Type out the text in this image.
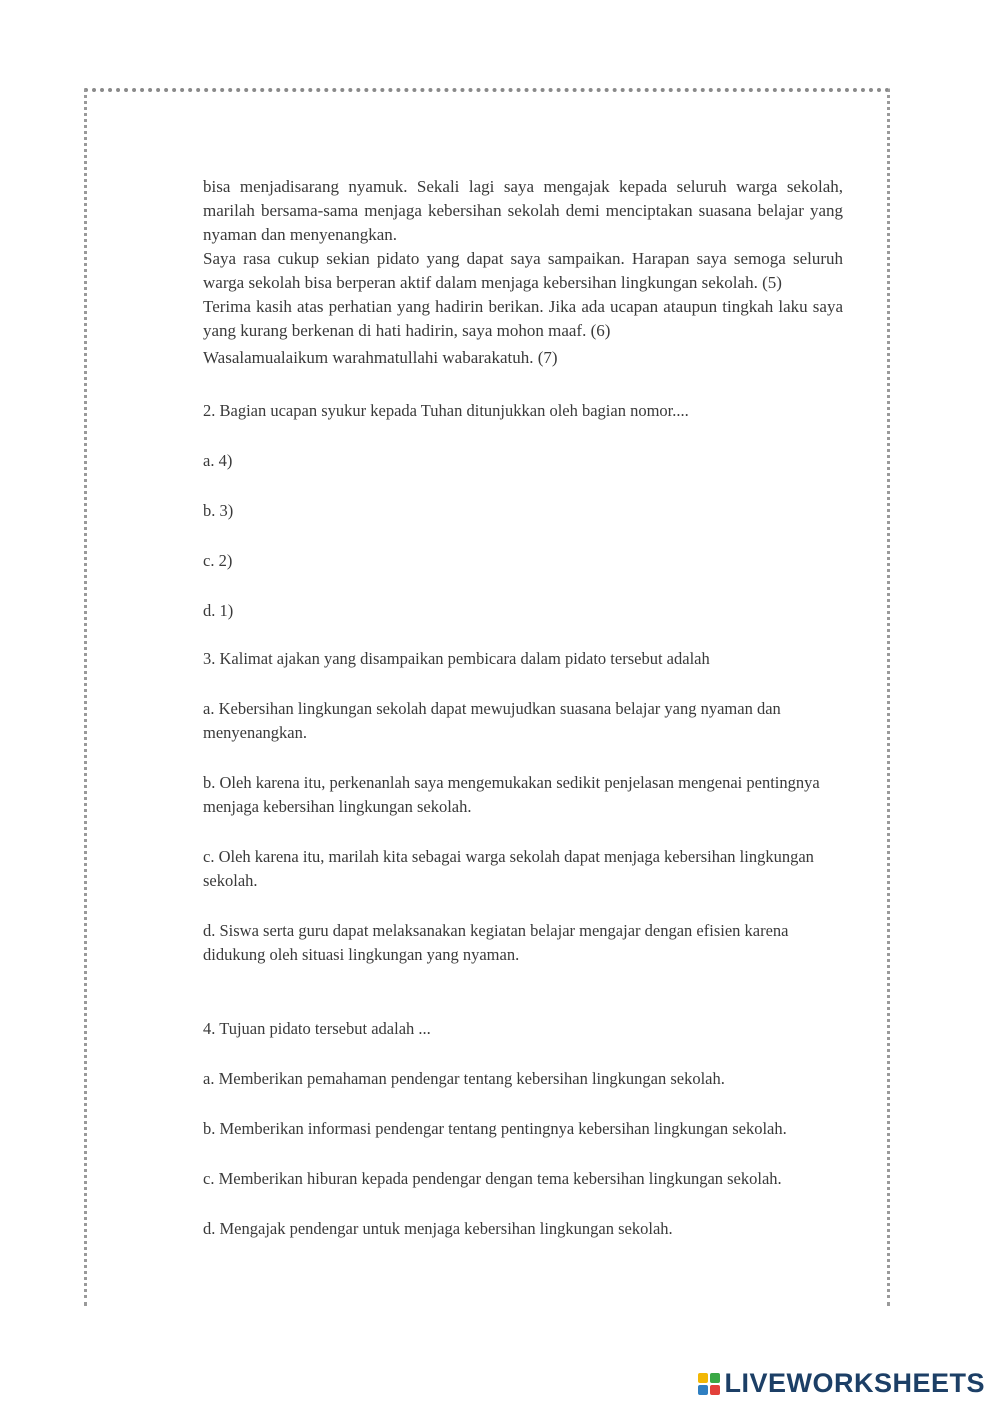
bisa menjadisarang nyamuk. Sekali lagi saya mengajak kepada seluruh warga sekolah, marilah bersama-sama menjaga kebersihan sekolah demi menciptakan suasana belajar yang nyaman dan menyenangkan.

Saya rasa cukup sekian pidato yang dapat saya sampaikan. Harapan saya semoga seluruh warga sekolah bisa berperan aktif dalam menjaga kebersihan lingkungan sekolah. (5)

Terima kasih atas perhatian yang hadirin berikan. Jika ada ucapan ataupun tingkah laku saya yang kurang berkenan di hati hadirin, saya mohon maaf. (6)

Wasalamualaikum warahmatullahi wabarakatuh. (7)

2. Bagian ucapan syukur kepada Tuhan ditunjukkan oleh bagian nomor....

a. 4)

b. 3)

c. 2)

d. 1)

3. Kalimat ajakan yang disampaikan pembicara dalam pidato tersebut adalah

a. Kebersihan lingkungan sekolah dapat mewujudkan suasana belajar yang nyaman dan menyenangkan.

b. Oleh karena itu, perkenanlah saya mengemukakan sedikit penjelasan mengenai pentingnya menjaga kebersihan lingkungan sekolah.

c. Oleh karena itu, marilah kita sebagai warga sekolah dapat menjaga kebersihan lingkungan sekolah.

d. Siswa serta guru dapat melaksanakan kegiatan belajar mengajar dengan efisien karena didukung oleh situasi lingkungan yang nyaman.

4. Tujuan pidato tersebut adalah ...

a. Memberikan pemahaman pendengar tentang kebersihan lingkungan sekolah.

b. Memberikan informasi pendengar tentang pentingnya kebersihan lingkungan sekolah.

c. Memberikan hiburan kepada pendengar dengan tema kebersihan lingkungan sekolah.

d. Mengajak pendengar untuk menjaga kebersihan lingkungan sekolah.

LIVEWORKSHEETS
